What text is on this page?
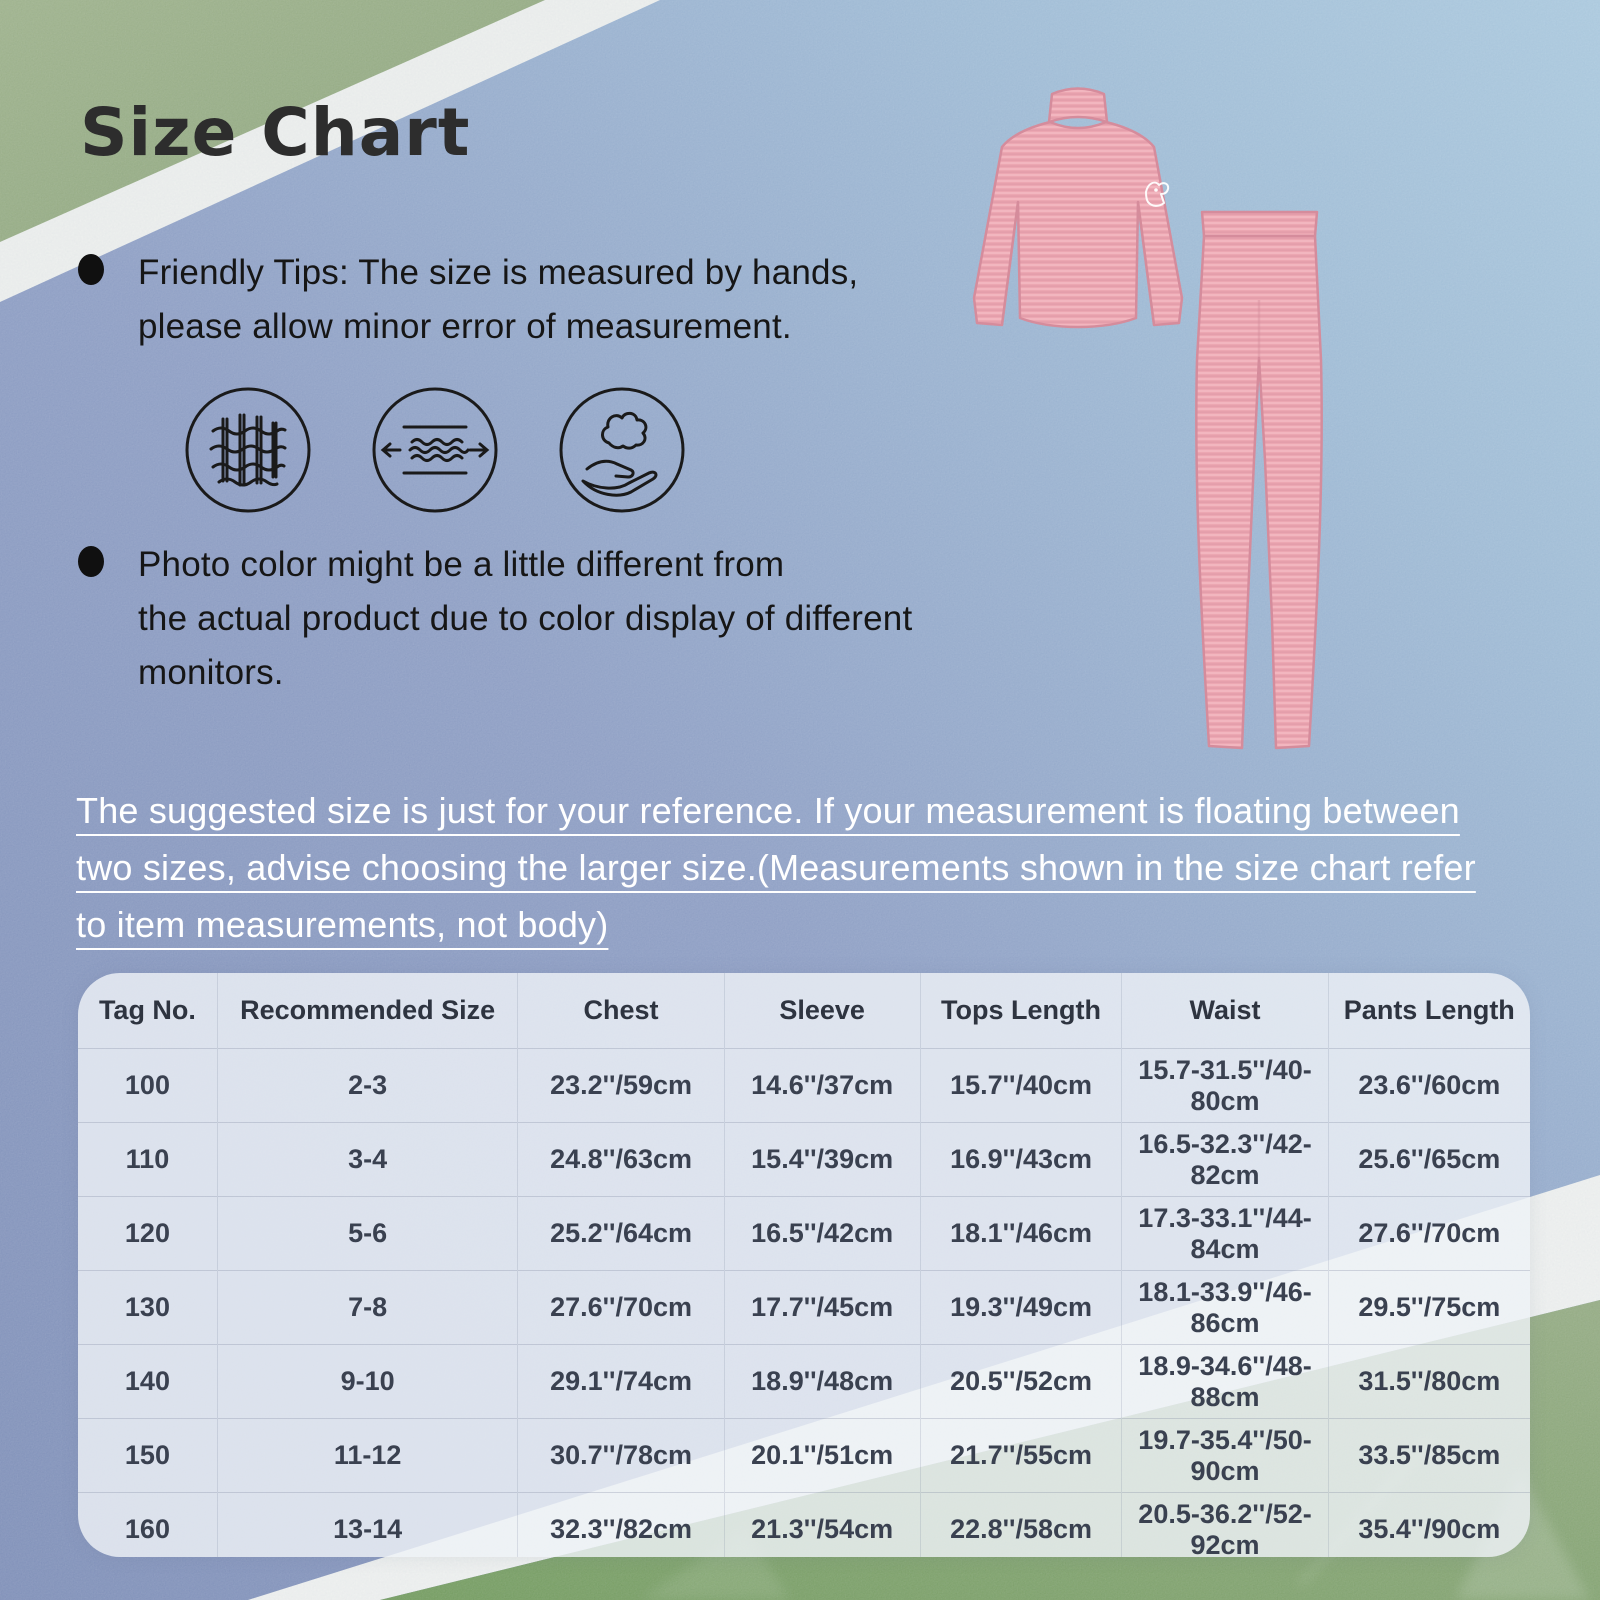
Size Chart
Friendly Tips: The size is measured by hands,
please allow minor error of measurement.
Photo color might be a little different from
the actual product due to color display of different
monitors.
The suggested size is just for your reference. If your measurement is floating between
two sizes, advise choosing the larger size.(Measurements shown in the size chart refer
to item measurements, not body)
Tag No.	Recommended Size	Chest	Sleeve	Tops Length	Waist	Pants Length
100	2-3	23.2''/59cm	14.6''/37cm	15.7''/40cm	15.7-31.5''/40-80cm	23.6''/60cm
110	3-4	24.8''/63cm	15.4''/39cm	16.9''/43cm	16.5-32.3''/42-82cm	25.6''/65cm
120	5-6	25.2''/64cm	16.5''/42cm	18.1''/46cm	17.3-33.1''/44-84cm	27.6''/70cm
130	7-8	27.6''/70cm	17.7''/45cm	19.3''/49cm	18.1-33.9''/46-86cm	29.5''/75cm
140	9-10	29.1''/74cm	18.9''/48cm	20.5''/52cm	18.9-34.6''/48-88cm	31.5''/80cm
150	11-12	30.7''/78cm	20.1''/51cm	21.7''/55cm	19.7-35.4''/50-90cm	33.5''/85cm
160	13-14	32.3''/82cm	21.3''/54cm	22.8''/58cm	20.5-36.2''/52-92cm	35.4''/90cm
